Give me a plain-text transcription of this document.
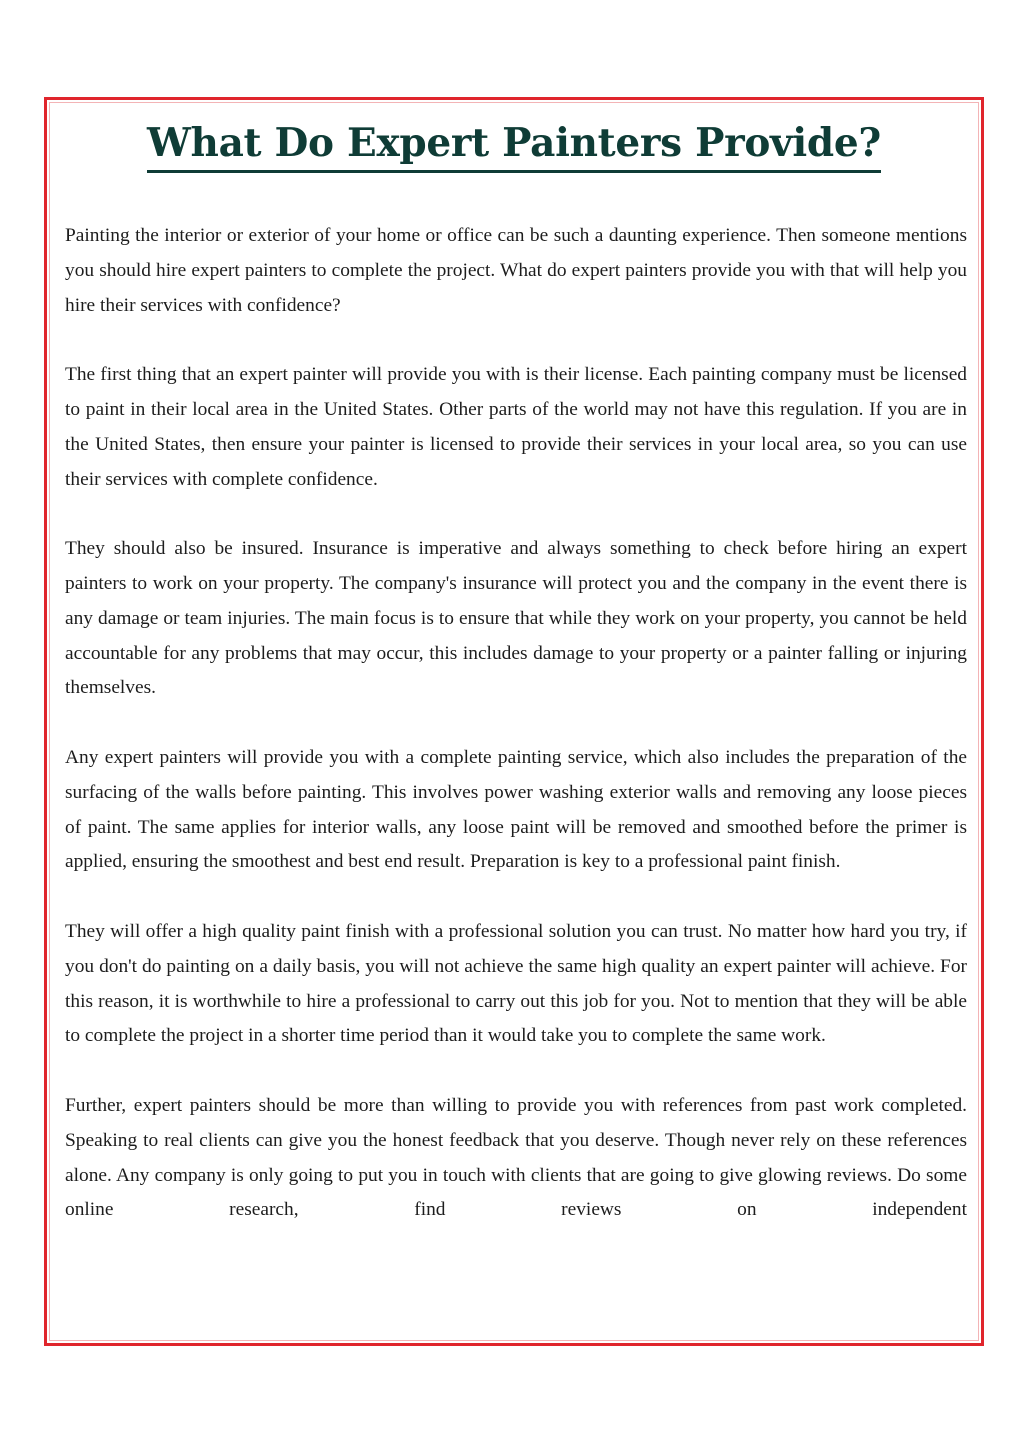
What Do Expert Painters Provide?

Painting the interior or exterior of your home or office can be such a daunting experience. Then someone mentions you should hire expert painters to complete the project. What do expert painters provide you with that will help you hire their services with confidence?

The first thing that an expert painter will provide you with is their license. Each painting company must be licensed to paint in their local area in the United States. Other parts of the world may not have this regulation. If you are in the United States, then ensure your painter is licensed to provide their services in your local area, so you can use their services with complete confidence.

They should also be insured. Insurance is imperative and always something to check before hiring an expert painters to work on your property. The company's insurance will protect you and the company in the event there is any damage or team injuries. The main focus is to ensure that while they work on your property, you cannot be held accountable for any problems that may occur, this includes damage to your property or a painter falling or injuring themselves.

Any expert painters will provide you with a complete painting service, which also includes the preparation of the surfacing of the walls before painting. This involves power washing exterior walls and removing any loose pieces of paint. The same applies for interior walls, any loose paint will be removed and smoothed before the primer is applied, ensuring the smoothest and best end result. Preparation is key to a professional paint finish.

They will offer a high quality paint finish with a professional solution you can trust. No matter how hard you try, if you don't do painting on a daily basis, you will not achieve the same high quality an expert painter will achieve. For this reason, it is worthwhile to hire a professional to carry out this job for you. Not to mention that they will be able to complete the project in a shorter time period than it would take you to complete the same work.

Further, expert painters should be more than willing to provide you with references from past work completed. Speaking to real clients can give you the honest feedback that you deserve. Though never rely on these references alone. Any company is only going to put you in touch with clients that are going to give glowing reviews. Do some online research, find reviews on independent
